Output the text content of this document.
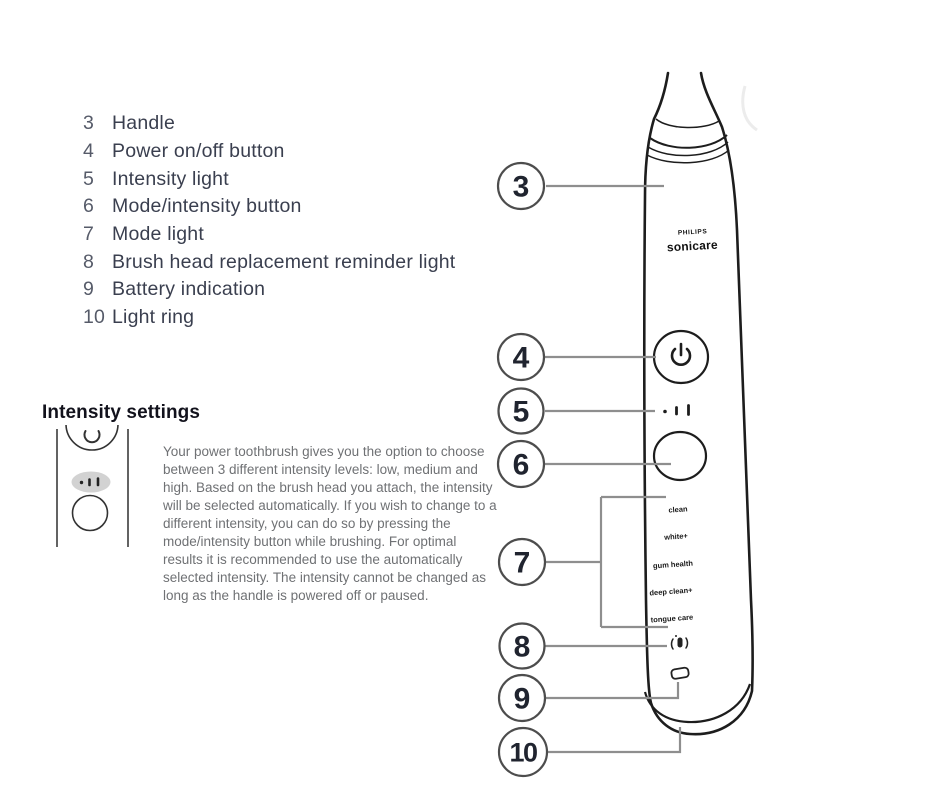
3 Handle
4 Power on/off button
5 Intensity light
6 Mode/intensity button
7 Mode light
8 Brush head replacement reminder light
9 Battery indication
10 Light ring
Intensity settings
Your power toothbrush gives you the option to choose between 3 different intensity levels: low, medium and high. Based on the brush head you attach, the intensity will be selected automatically. If you wish to change to a different intensity, you can do so by pressing the mode/intensity button while brushing. For optimal results it is recommended to use the automatically selected intensity. The intensity cannot be changed as long as the handle is powered off or paused.
PHILIPS
sonicare
clean
white+
gum health
deep clean+
tongue care
3
4
5
6
7
8
9
10
